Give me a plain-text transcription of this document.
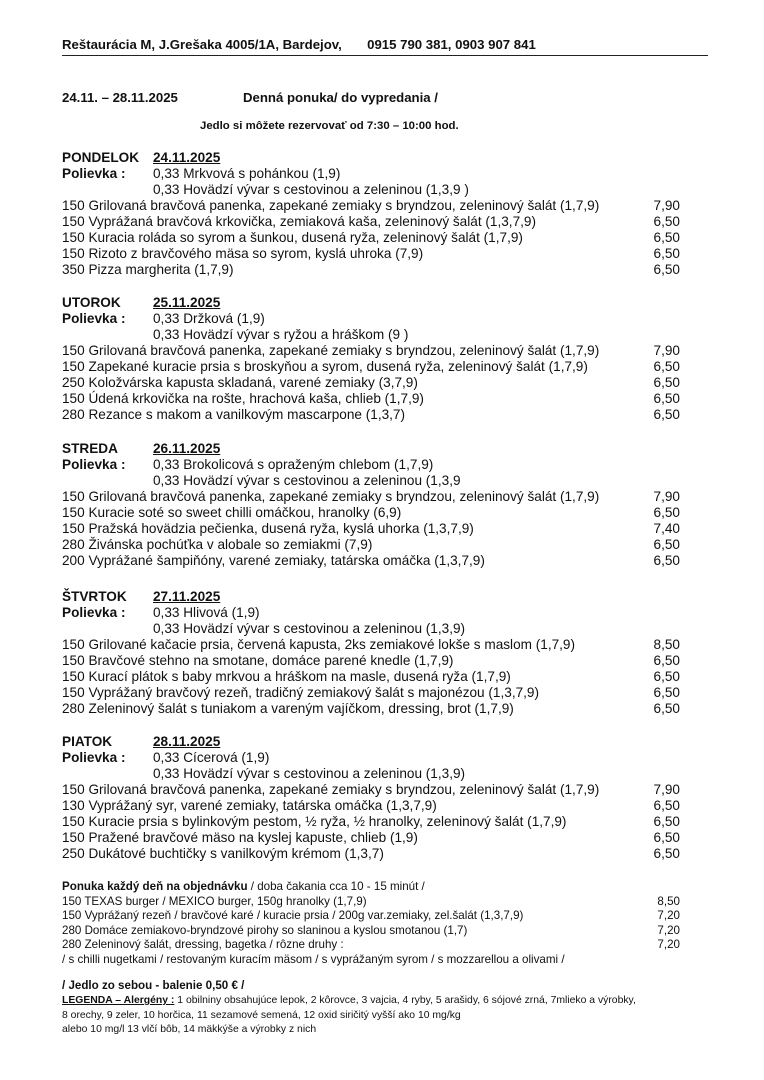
Reštaurácia M, J.Grešaka 4005/1A, Bardejov, 0915 790 381, 0903 907 841
24.11. – 28.11.2025	Denná ponuka/ do vypredania /
Jedlo si môžete rezervovať od 7:30 – 10:00 hod.
PONDELOK 24.11.2025
Polievka : 0,33 Mrkvová s pohánkou (1,9)
0,33 Hovädzí vývar s cestovinou a zeleninou (1,3,9 )
150 Grilovaná bravčová panenka, zapekané zemiaky s bryndzou, zeleninový šalát (1,7,9)	7,90
150 Vyprážaná bravčová krkovička, zemiaková kaša, zeleninový šalát (1,3,7,9)	6,50
150 Kuracia roláda so syrom a šunkou, dusená ryža, zeleninový šalát (1,7,9)	6,50
150 Rizoto z bravčového mäsa so syrom, kyslá uhroka (7,9)	6,50
350 Pizza margherita (1,7,9)	6,50
UTOROK 25.11.2025
Polievka : 0,33 Držková (1,9)
0,33 Hovädzí vývar s ryžou a hráškom (9 )
150 Grilovaná bravčová panenka, zapekané zemiaky s bryndzou, zeleninový šalát (1,7,9)	7,90
150 Zapekané kuracie prsia s broskyňou a syrom, dusená ryža, zeleninový šalát (1,7,9)	6,50
250 Koložvárska kapusta skladaná, varené zemiaky (3,7,9)	6,50
150 Údená krkovička na rošte, hrachová kaša, chlieb (1,7,9)	6,50
280 Rezance s makom a vanilkovým mascarpone (1,3,7)	6,50
STREDA	26.11.2025
Polievka : 0,33 Brokolicová s opraženým chlebom (1,7,9)
0,33 Hovädzí vývar s cestovinou a zeleninou (1,3,9
150 Grilovaná bravčová panenka, zapekané zemiaky s bryndzou, zeleninový šalát (1,7,9)	7,90
150 Kuracie soté so sweet chilli omáčkou, hranolky (6,9)	6,50
150 Pražská hovädzia pečienka, dusená ryža, kyslá uhorka (1,3,7,9)	7,40
280 Živánska pochúťka v alobale so zemiakmi (7,9)	6,50
200 Vyprážané šampiňóny, varené zemiaky, tatárska omáčka (1,3,7,9)	6,50
ŠTVRTOK 27.11.2025
Polievka : 0,33 Hlivová (1,9)
0,33 Hovädzí vývar s cestovinou a zeleninou (1,3,9)
150 Grilované kačacie prsia, červená kapusta, 2ks zemiakové lokše s maslom (1,7,9)	8,50
150 Bravčové stehno na smotane, domáce parené knedle (1,7,9)	6,50
150 Kurací plátok s baby mrkvou a hráškom na masle, dusená ryža (1,7,9)	6,50
150 Vyprážaný bravčový rezeň, tradičný zemiakový šalát s majonézou (1,3,7,9)	6,50
280 Zeleninový šalát s tuniakom a vareným vajíčkom, dressing, brot (1,7,9)	6,50
PIATOK	28.11.2025
Polievka : 0,33 Cícerová (1,9)
0,33 Hovädzí vývar s cestovinou a zeleninou (1,3,9)
150 Grilovaná bravčová panenka, zapekané zemiaky s bryndzou, zeleninový šalát (1,7,9)	7,90
130 Vyprážaný syr, varené zemiaky, tatárska omáčka (1,3,7,9)	6,50
150 Kuracie prsia s bylinkovým pestom, ½ ryža, ½ hranolky, zeleninový šalát (1,7,9)	6,50
150 Pražené bravčové mäso na kyslej kapuste, chlieb (1,9)	6,50
250 Dukátové buchtičky s vanilkovým krémom (1,3,7)	6,50
Ponuka každý deň na objednávku / doba čakania cca 10 - 15 minút /
150 TEXAS burger / MEXICO burger, 150g hranolky (1,7,9)	8,50
150 Vyprážaný rezeň / bravčové karé / kuracie prsia / 200g var.zemiaky, zel.šalát (1,3,7,9)	7,20
280 Domáce zemiakovo-bryndzové pirohy so slaninou a kyslou smotanou (1,7)	7,20
280 Zeleninový šalát, dressing, bagetka / rôzne druhy :	7,20
/ s chilli nugetkami / restovaným kuracím mäsom / s vyprážaným syrom / s mozzarellou a olivami /
/ Jedlo zo sebou - balenie 0,50 € /
LEGENDA – Alergény : 1 obilniny obsahujúce lepok, 2 kôrovce, 3 vajcia, 4 ryby, 5 arašidy, 6 sójové zrná, 7mlieko a výrobky,
8 orechy, 9 zeler, 10 horčica, 11 sezamové semená, 12 oxid siričitý vyšší ako 10 mg/kg
alebo 10 mg/l 13 vlčí bôb, 14 mäkkýše a výrobky z nich
